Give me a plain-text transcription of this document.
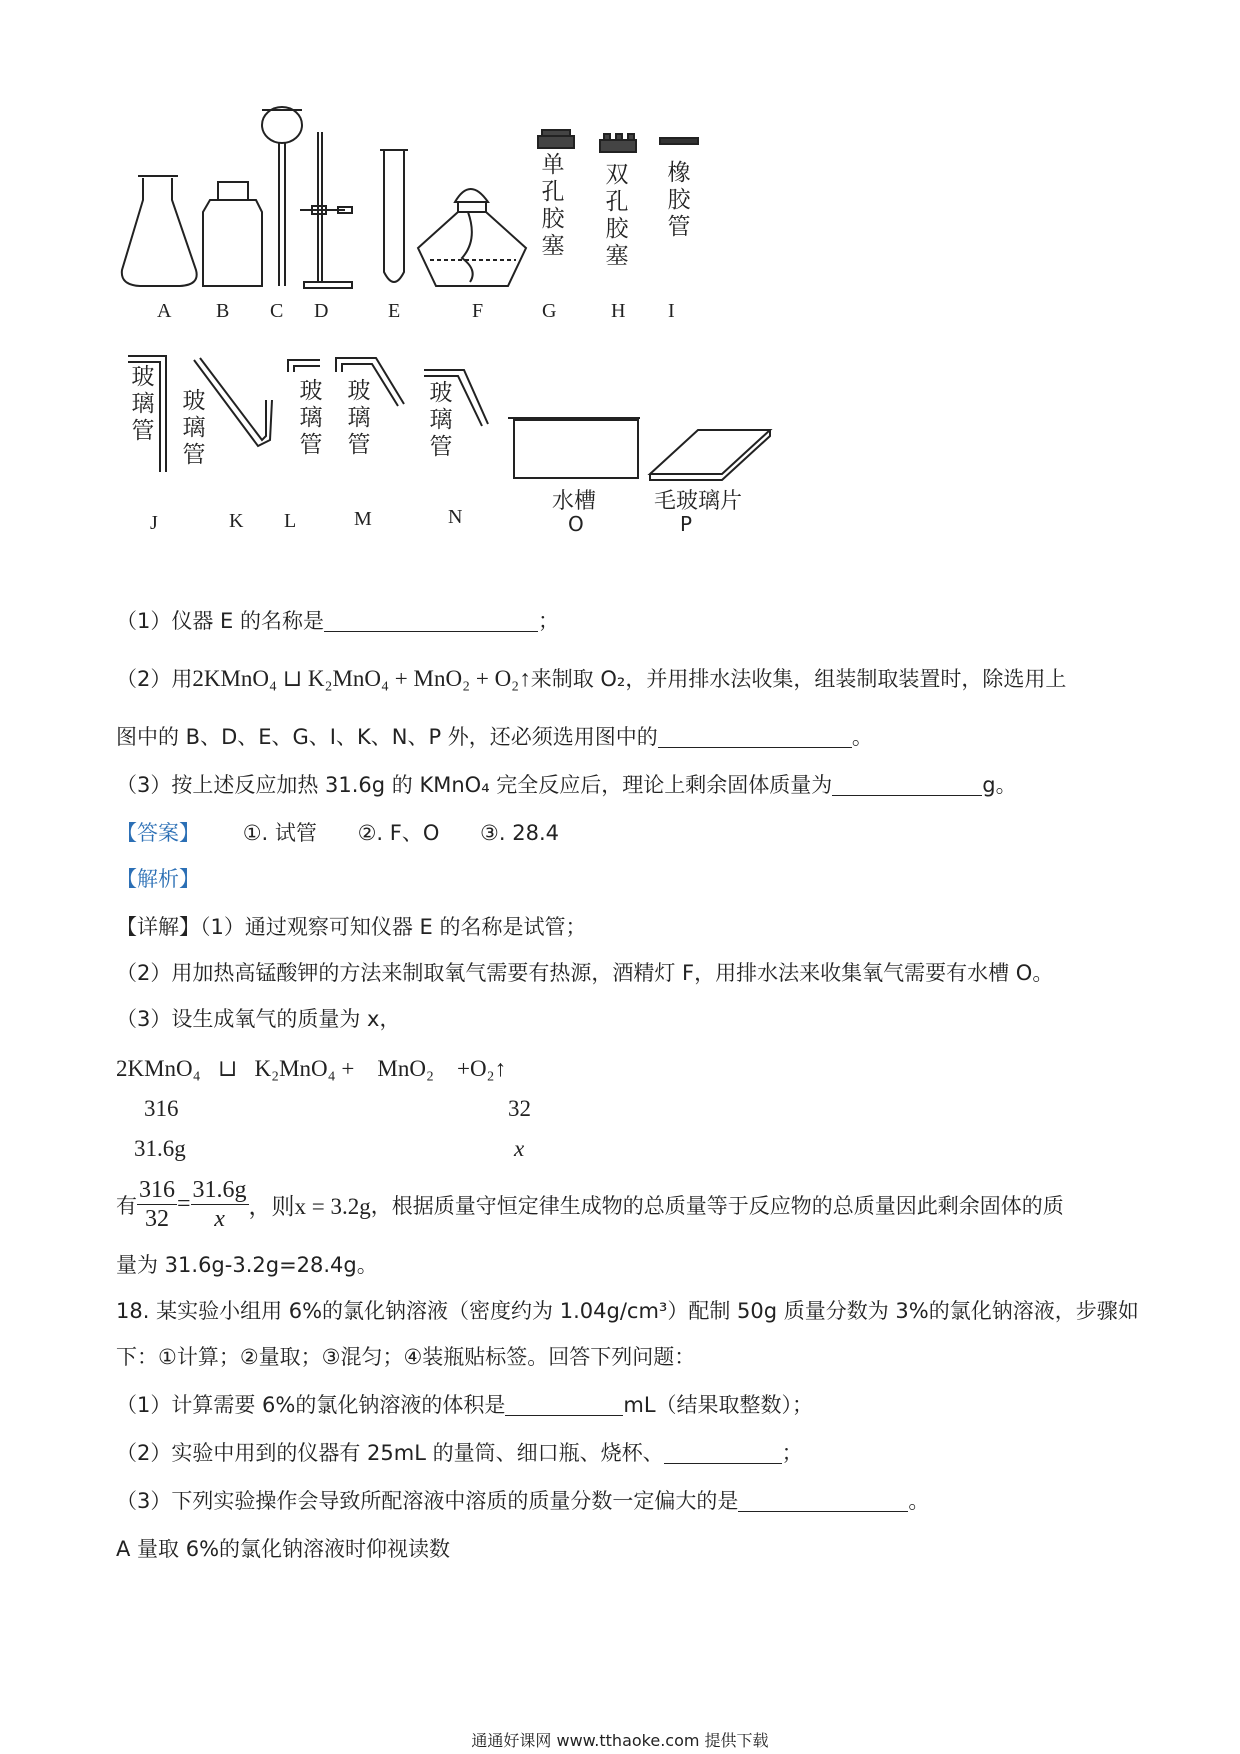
A B C D	E	F	G	H I
单
孔
胶
塞
双
孔
胶
塞
橡
胶
管
玻
璃
管
玻
璃
管
玻
璃
管
玻
璃
管
玻
璃
管
J	K L	M	N
水槽
O
毛玻璃片
P
（1）仪器 E 的名称是	；
（2）用2KMnO₄ ⊔ K₂MnO₄ + MnO₂ + O₂↑来制取 O₂，并用排水法收集，组装制取装置时，除选用上
图中的 B、D、E、G、I、K、N、P 外，还必须选用图中的	。
（3）按上述反应加热 31.6g 的 KMnO₄ 完全反应后，理论上剩余固体质量为	g。
【答案】 ①. 试管 ②. F、O ③. 28.4
【解析】
【详解】（1）通过观察可知仪器 E 的名称是试管；
（2）用加热高锰酸钾的方法来制取氧气需要有热源，酒精灯 F，用排水法来收集氧气需要有水槽 O。
（3）设生成氧气的质量为 x，
2KMnO₄   ⊔   K₂MnO₄ +    MnO₂    +O₂↑
316	32
31.6g	x
有 $\frac{316}{32} = \frac{31.6g}{x}$ ，则x = 3.2g ，根据质量守恒定律生成物的总质量等于反应物的总质量因此剩余固体的质
量为 31.6g-3.2g=28.4g。
18. 某实验小组用 6%的氯化钠溶液（密度约为 1.04g/cm³）配制 50g 质量分数为 3%的氯化钠溶液，步骤如
下：①计算；②量取；③混匀；④装瓶贴标签。回答下列问题：
（1）计算需要 6%的氯化钠溶液的体积是	mL（结果取整数）；
（2）实验中用到的仪器有 25mL 的量筒、细口瓶、烧杯、	；
（3）下列实验操作会导致所配溶液中溶质的质量分数一定偏大的是	。
A 量取 6%的氯化钠溶液时仰视读数
通通好课网 www.tthaoke.com 提供下载
